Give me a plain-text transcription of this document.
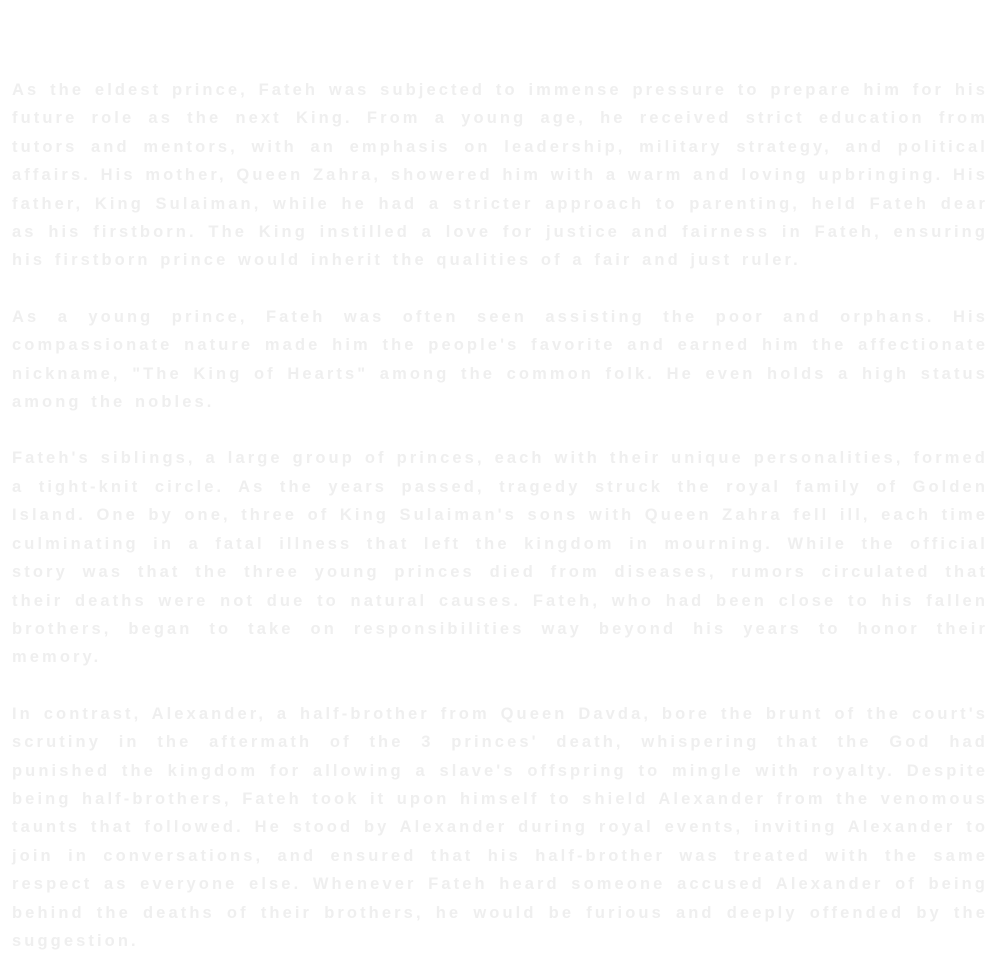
As the eldest prince, Fateh was subjected to immense pressure to prepare him for his future role as the next King. From a young age, he received strict education from tutors and mentors, with an emphasis on leadership, military strategy, and political affairs. His mother, Queen Zahra, showered him with a warm and loving upbringing. His father, King Sulaiman, while he had a stricter approach to parenting, held Fateh dear as his firstborn. The King instilled a love for justice and fairness in Fateh, ensuring his firstborn prince would inherit the qualities of a fair and just ruler.

As a young prince, Fateh was often seen assisting the poor and orphans. His compassionate nature made him the people's favorite and earned him the affectionate nickname, "The King of Hearts" among the common folk. He even holds a high status among the nobles.

Fateh's siblings, a large group of princes, each with their unique personalities, formed a tight-knit circle. As the years passed, tragedy struck the royal family of Golden Island. One by one, three of King Sulaiman's sons with Queen Zahra fell ill, each time culminating in a fatal illness that left the kingdom in mourning. While the official story was that the three young princes died from diseases, rumors circulated that their deaths were not due to natural causes. Fateh, who had been close to his fallen brothers, began to take on responsibilities way beyond his years to honor their memory.

In contrast, Alexander, a half-brother from Queen Davda, bore the brunt of the court's scrutiny in the aftermath of the 3 princes' death, whispering that the God had punished the kingdom for allowing a slave's offspring to mingle with royalty. Despite being half-brothers, Fateh took it upon himself to shield Alexander from the venomous taunts that followed. He stood by Alexander during royal events, inviting Alexander to join in conversations, and ensured that his half-brother was treated with the same respect as everyone else. Whenever Fateh heard someone accused Alexander of being behind the deaths of their brothers, he would be furious and deeply offended by the suggestion.
